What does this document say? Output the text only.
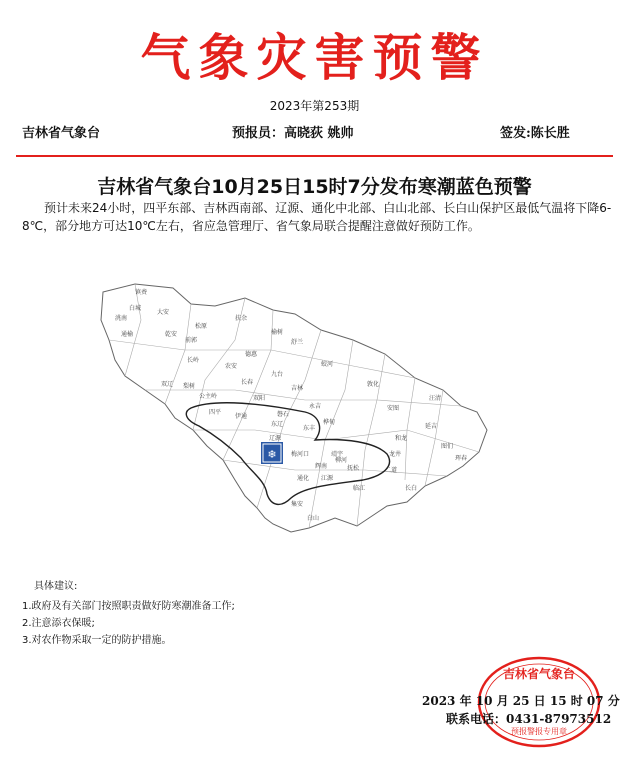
气象灾害预警
2023年第253期
吉林省气象台	预报员：高晓荻 姚帅	签发:陈长胜
吉林省气象台10月25日15时7分发布寒潮蓝色预警
预计未来24小时，四平东部、吉林西南部、辽源、通化中北部、白山北部、长白山保护区最低气温将下降6-8℃，部分地方可达10℃左右，省应急管理厅、省气象局联合提醒注意做好预防工作。
❄
镇赉
白城
洮南
大安
通榆	乾安
松原
前郭
扶余
长岭
农安
德惠
榆树
舒兰
蛟河
敦化
安图
和龙
龙井
延吉
图们
珲春
汪清
长春
九台
吉林
永吉
桦甸
磐石
双阳
伊通
公主岭
梨树
四平
双辽
东辽
辽源
东丰
梅河口
辉南
柳河
通化
集安
白山
临江
抚松
靖宇
江源
长白
二道
具体建议:
1.政府及有关部门按照职责做好防寒潮准备工作;
2.注意添衣保暖;
3.对农作物采取一定的防护措施。
吉林省气象台
预报警报专用章
2023 年 10 月 25 日 15 时 07 分
联系电话：0431-87973512
